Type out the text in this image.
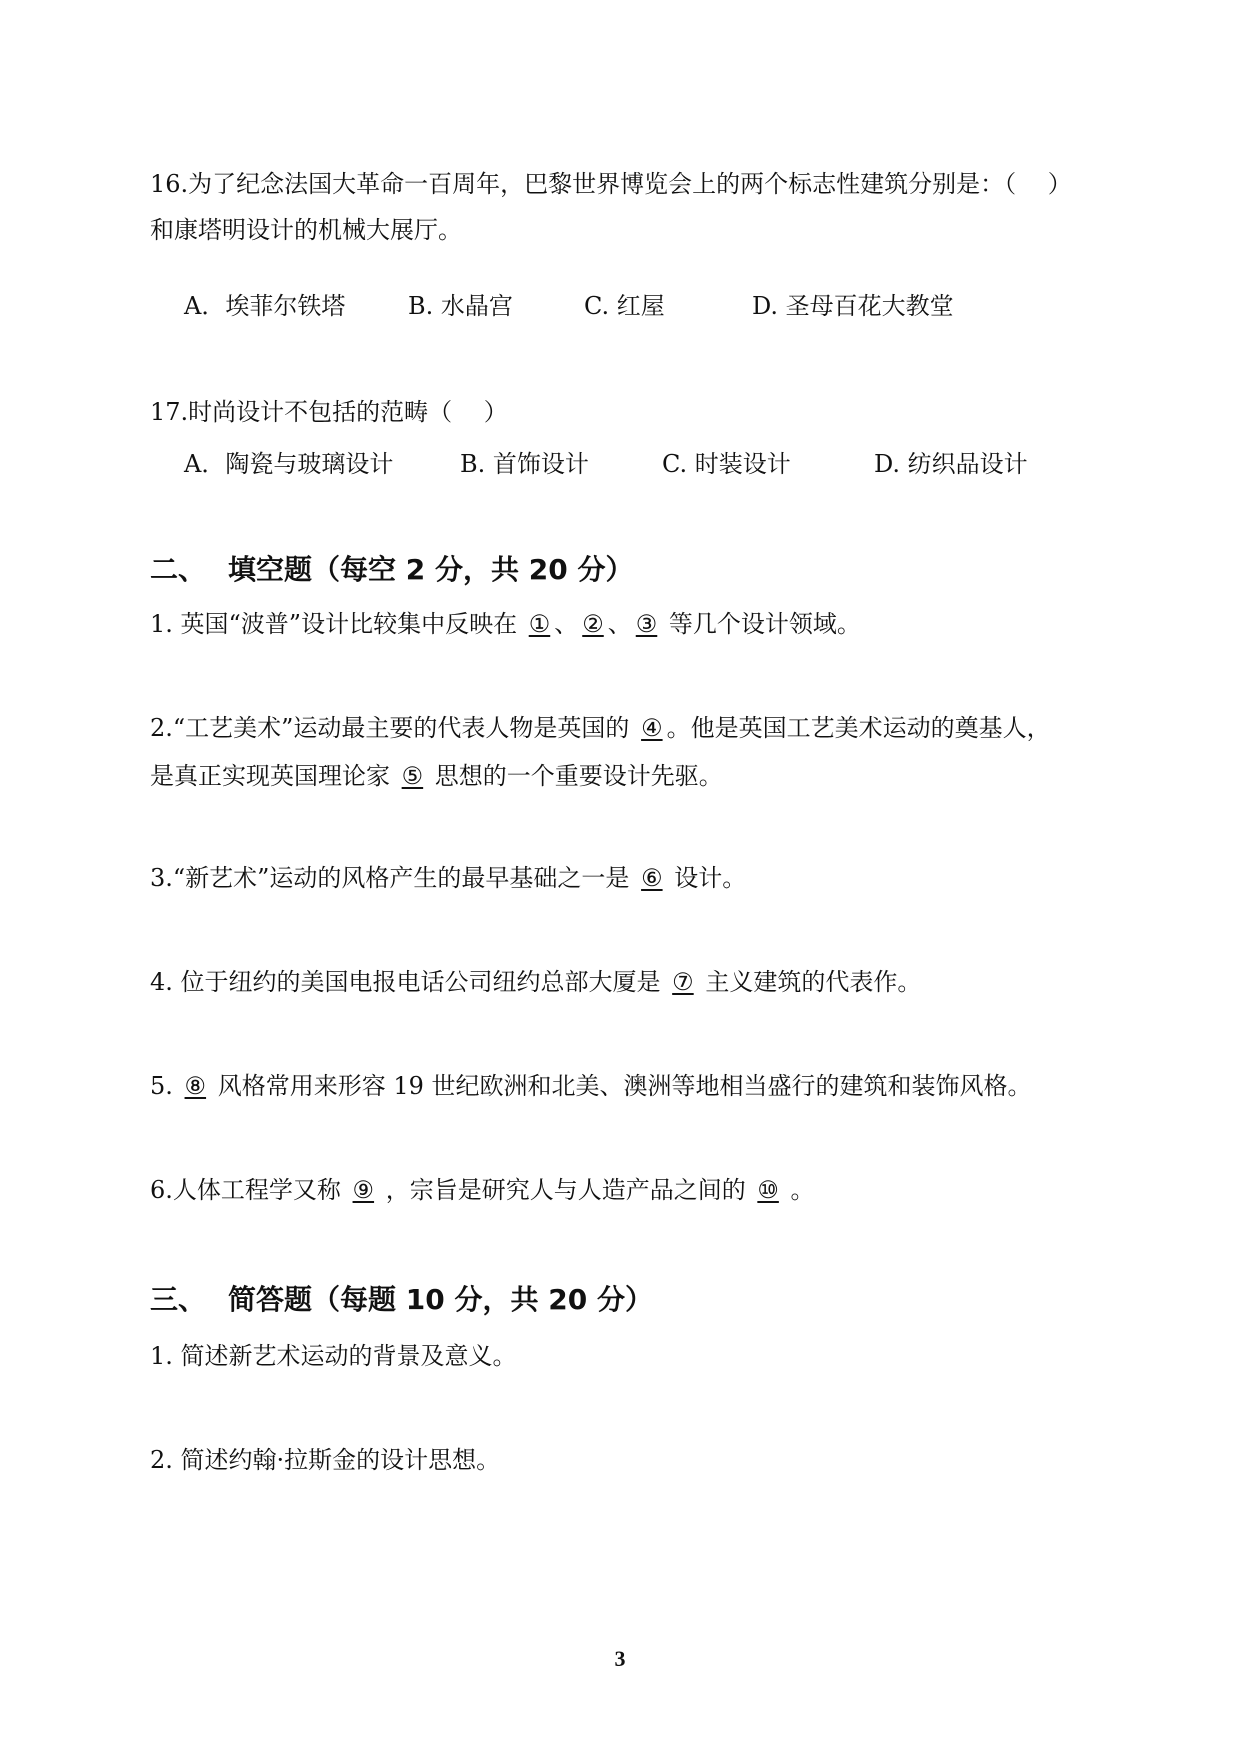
16.为了纪念法国大革命一百周年，巴黎世界博览会上的两个标志性建筑分别是：（　 ）
和康塔明设计的机械大展厅。
A．埃菲尔铁塔	B. 水晶宫	C. 红屋	D. 圣母百花大教堂
17.时尚设计不包括的范畴（　 ）
A．陶瓷与玻璃设计	B. 首饰设计	C. 时装设计	D. 纺织品设计
二、 填空题（每空 2 分，共 20 分）
1. 英国“波普”设计比较集中反映在 ① 、 ② 、 ③ 等几个设计领域。
2.“工艺美术”运动最主要的代表人物是英国的 ④ 。他是英国工艺美术运动的奠基人，
是真正实现英国理论家 ⑤ 思想的一个重要设计先驱。
3.“新艺术”运动的风格产生的最早基础之一是 ⑥ 设计。
4. 位于纽约的美国电报电话公司纽约总部大厦是 ⑦ 主义建筑的代表作。
5. ⑧ 风格常用来形容 19 世纪欧洲和北美、澳洲等地相当盛行的建筑和装饰风格。
6.人体工程学又称 ⑨ ，宗旨是研究人与人造产品之间的 ⑩ 。
三、 简答题（每题 10 分，共 20 分）
1. 简述新艺术运动的背景及意义。
2. 简述约翰·拉斯金的设计思想。
3
